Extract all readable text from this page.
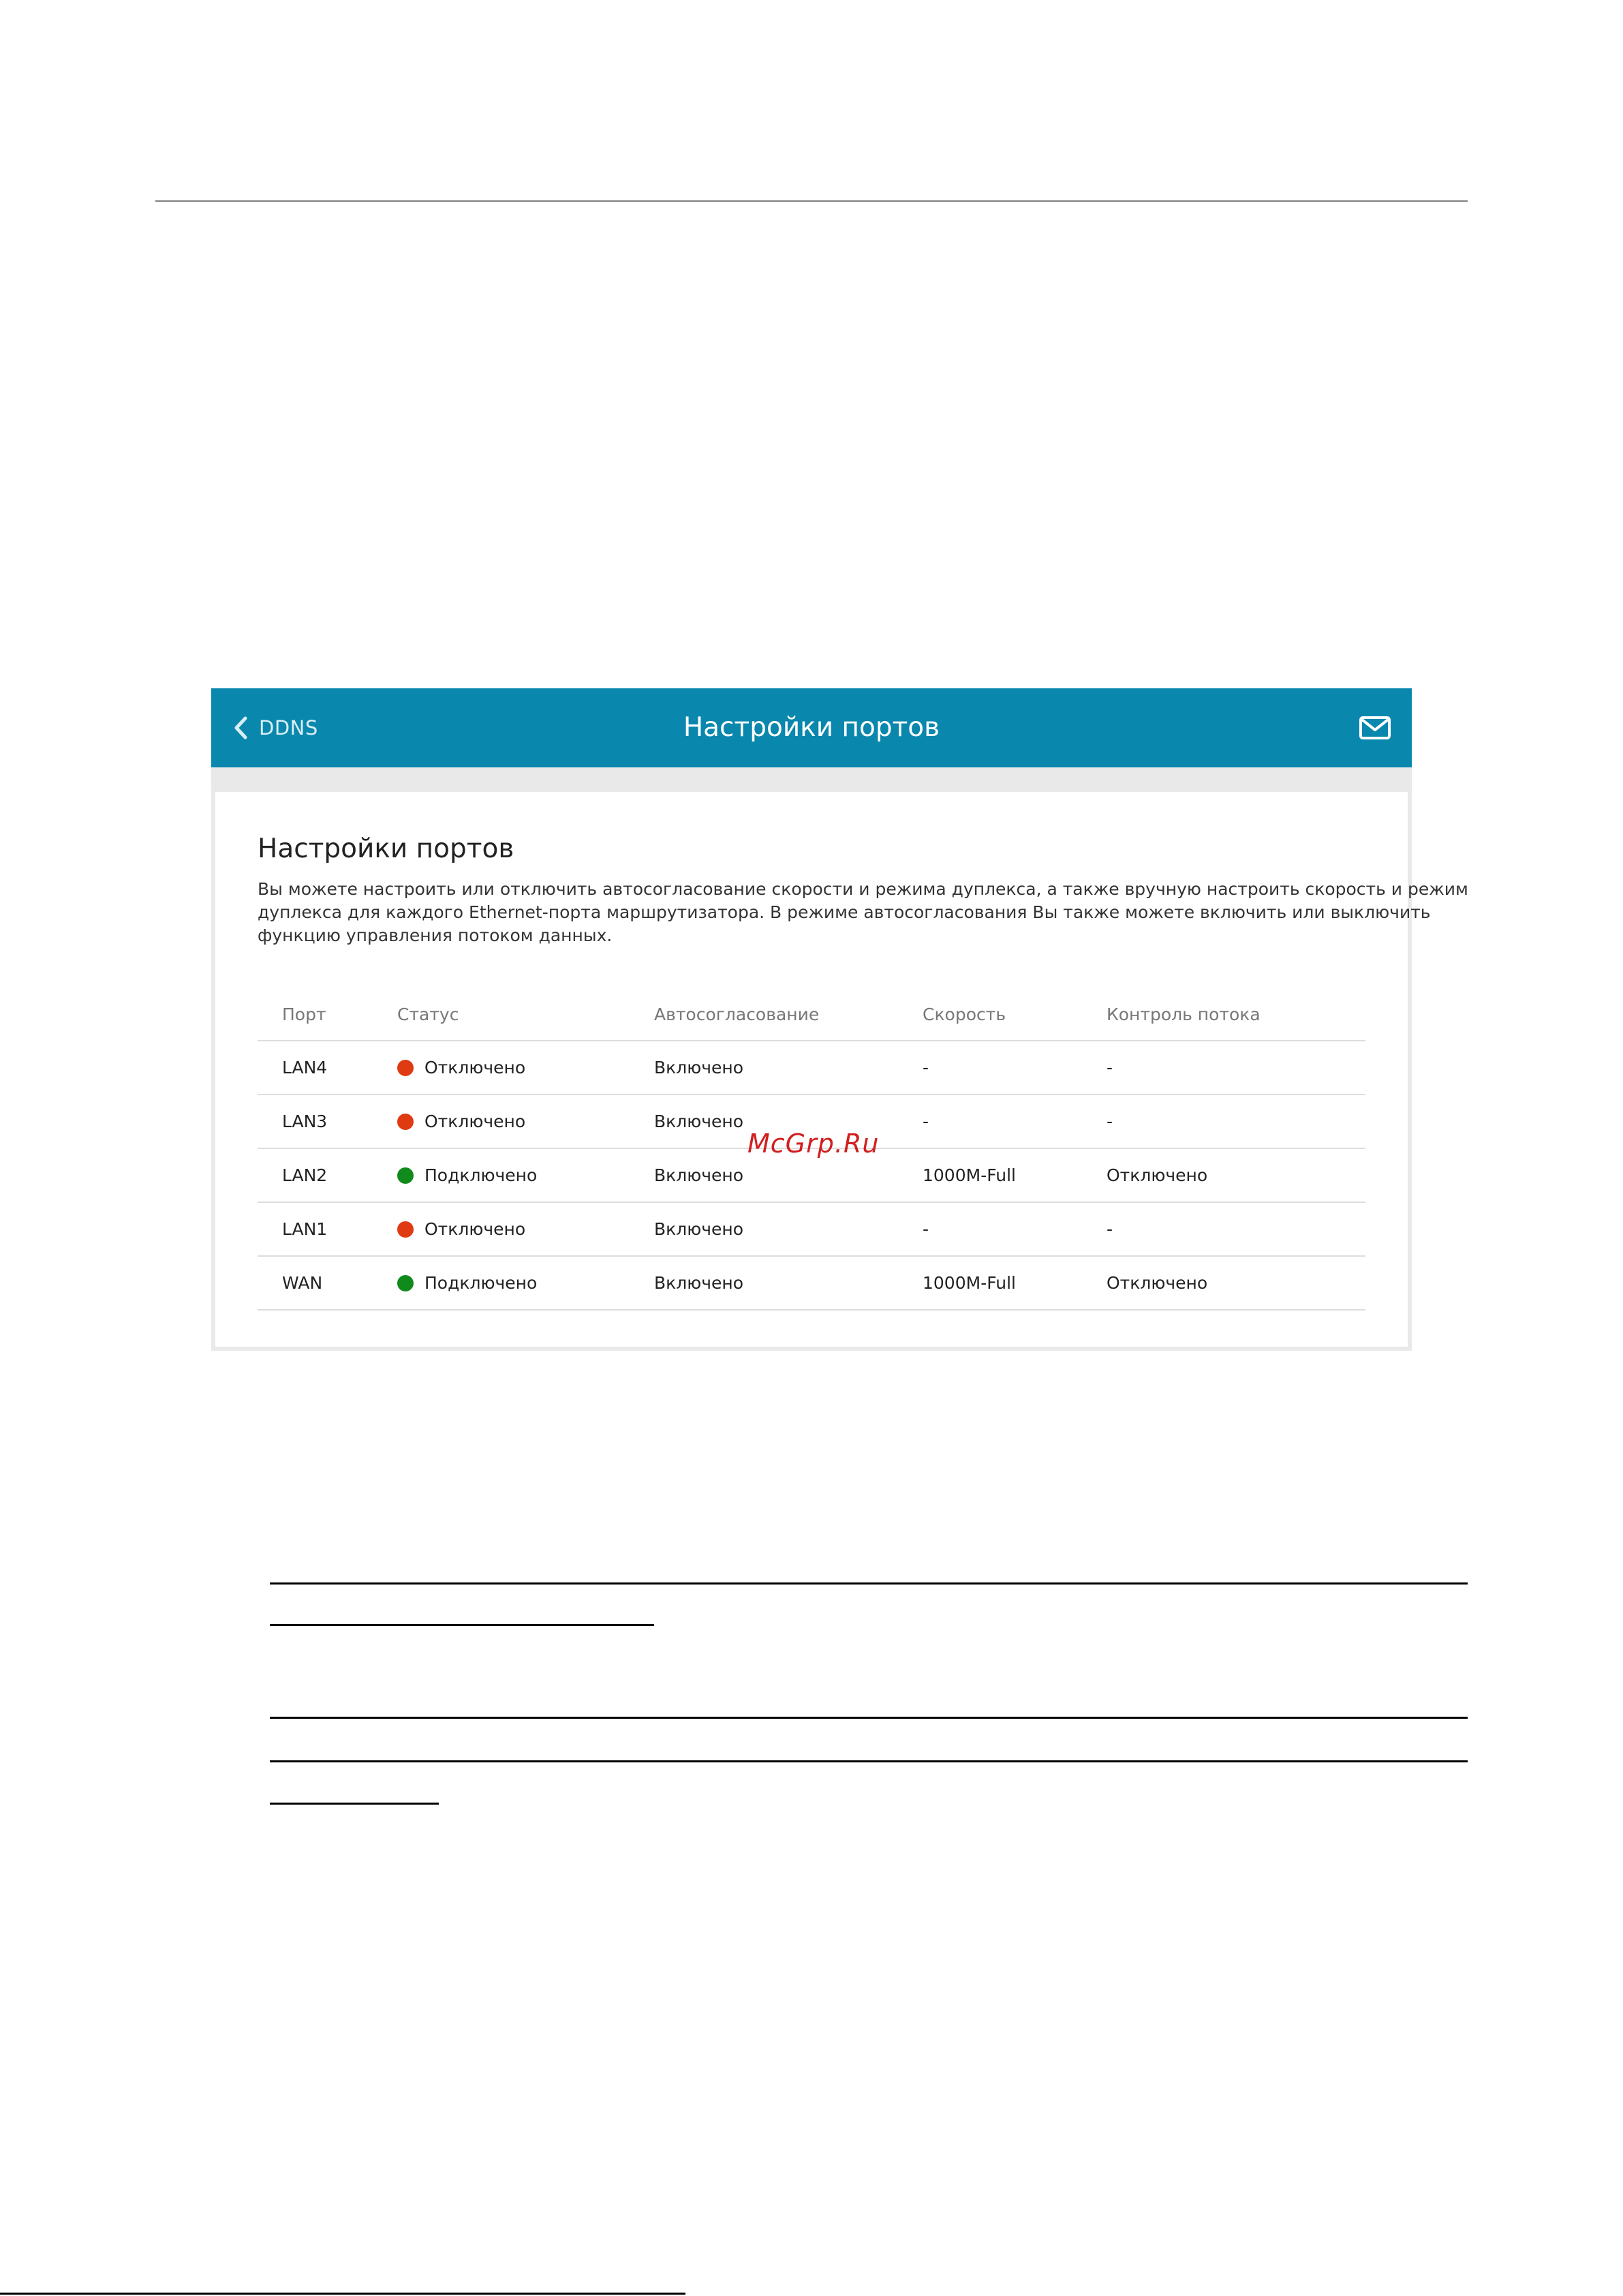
DDNS	Настройки портов
Настройки портов
Вы можете настроить или отключить автосогласование скорости и режима дуплекса, а также вручную настроить скорость и режим
дуплекса для каждого Ethernet-порта маршрутизатора. В режиме автосогласования Вы также можете включить или выключить
функцию управления потоком данных.
Порт	Статус	Автосогласование	Скорость	Контроль потока
LAN4	Отключено	Включено	-	-
LAN3	Отключено	Включено	-	-
LAN2	Подключено	Включено	1000M-Full	Отключено
LAN1	Отключено	Включено	-	-
WAN	Подключено	Включено	1000M-Full	Отключено
McGrp.Ru
